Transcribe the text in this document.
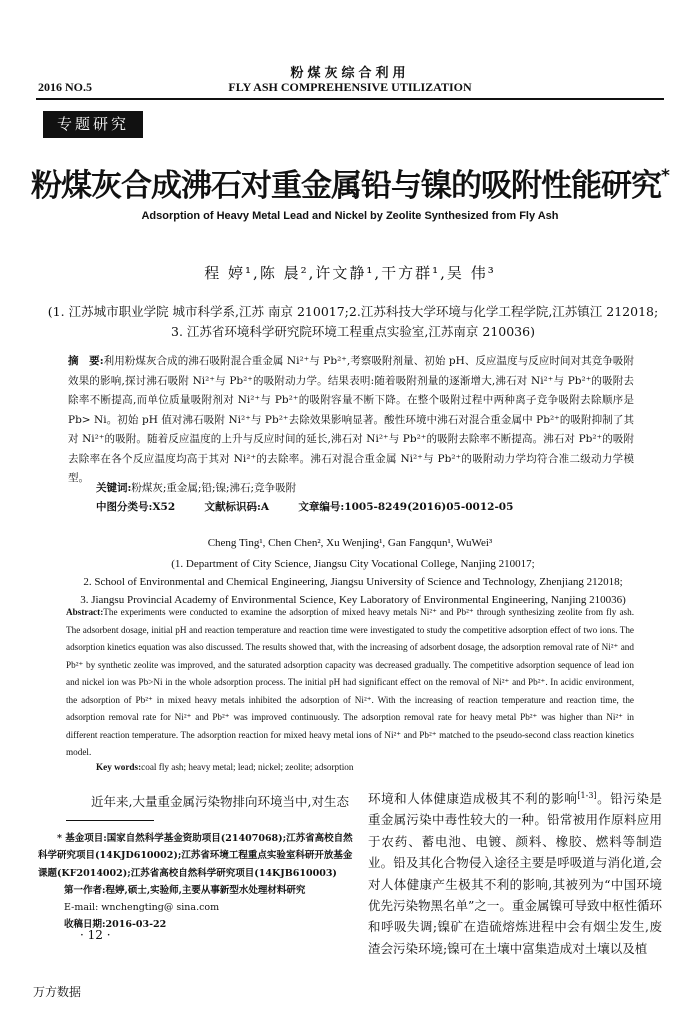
粉煤灰综合利用
2016 NO.5	FLY ASH COMPREHENSIVE UTILIZATION
专题研究
粉煤灰合成沸石对重金属铅与镍的吸附性能研究*
Adsorption of Heavy Metal Lead and Nickel by Zeolite Synthesized from Fly Ash
程 婷¹,陈 晨²,许文静¹,干方群¹,吴 伟³
(1. 江苏城市职业学院 城市科学系,江苏 南京 210017;2.江苏科技大学环境与化学工程学院,江苏镇江 212018;
3. 江苏省环境科学研究院环境工程重点实验室,江苏南京 210036)
摘　要:利用粉煤灰合成的沸石吸附混合重金属 Ni²⁺与 Pb²⁺,考察吸附剂量、初始 pH、反应温度与反应时间对其竞争吸附效果的影响,探讨沸石吸附 Ni²⁺与 Pb²⁺的吸附动力学。结果表明:随着吸附剂量的逐渐增大,沸石对 Ni²⁺与 Pb²⁺的吸附去除率不断提高,而单位质量吸附剂对 Ni²⁺与 Pb²⁺的吸附容量不断下降。在整个吸附过程中两种离子竞争吸附去除顺序是 Pb> Ni。初始 pH 值对沸石吸附 Ni²⁺与 Pb²⁺去除效果影响显著。酸性环境中沸石对混合重金属中 Pb²⁺的吸附抑制了其对 Ni²⁺的吸附。随着反应温度的上升与反应时间的延长,沸石对 Ni²⁺与 Pb²⁺的吸附去除率不断提高。沸石对 Pb²⁺的吸附去除率在各个反应温度均高于其对 Ni²⁺的去除率。沸石对混合重金属 Ni²⁺与 Pb²⁺的吸附动力学均符合准二级动力学模型。
关键词:粉煤灰;重金属;铅;镍;沸石;竞争吸附
中图分类号:X52	文献标识码:A	文章编号:1005-8249(2016)05-0012-05
Cheng Ting¹, Chen Chen², Xu Wenjing¹, Gan Fangqun¹, WuWei³
(1. Department of City Science, Jiangsu City Vocational College, Nanjing 210017;
2. School of Environmental and Chemical Engineering, Jiangsu University of Science and Technology, Zhenjiang 212018;
3. Jiangsu Provincial Academy of Environmental Science, Key Laboratory of Environmental Engineering, Nanjing 210036)
Abstract:The experiments were conducted to examine the adsorption of mixed heavy metals Ni²⁺ and Pb²⁺ through synthesizing zeolite from fly ash. The adsorbent dosage, initial pH and reaction temperature and reaction time were investigated to study the competitive adsorption effect of two ions. The adsorption kinetics equation was also discussed. The results showed that, with the increasing of adsorbent dosage, the adsorption removal rate of Ni²⁺ and Pb²⁺ by synthetic zeolite was improved, and the saturated adsorption capacity was decreased gradually. The competitive adsorption sequence of lead ion and nickel ion was Pb>Ni in the whole adsorption process. The initial pH had significant effect on the removal of Ni²⁺ and Pb²⁺. In acidic environment, the adsorption of Pb²⁺ in mixed heavy metals inhibited the adsorption of Ni²⁺. With the increasing of reaction temperature and reaction time, the adsorption removal rate for Ni²⁺ and Pb²⁺ was improved continuously. The adsorption removal rate for heavy metal Pb²⁺ was higher than Ni²⁺ in different reaction temperature. The adsorption reaction for mixed heavy metal ions of Ni²⁺ and Pb²⁺ matched to the pseudo-second class reaction kinetics model.
Key words:coal fly ash; heavy metal; lead; nickel; zeolite; adsorption
近年来,大量重金属污染物排向环境当中,对生态

* 基金项目:国家自然科学基金资助项目(21407068);江苏省高校自然科学研究项目(14KJD610002);江苏省环境工程重点实验室科研开放基金课题(KF2014002);江苏省高校自然科学研究项目(14KJB610003)

第一作者:程婷,硕士,实验师,主要从事新型水处理材料研究

E-mail: wnchengting@ sina.com

收稿日期:2016-03-22

· 12 ·
环境和人体健康造成极其不利的影响[1-3]。铅污染是重金属污染中毒性较大的一种。铅常被用作原料应用于农药、蓄电池、电镀、颜料、橡胶、燃料等制造业。铅及其化合物侵入途径主要是呼吸道与消化道,会对人体健康产生极其不利的影响,其被列为“中国环境优先污染物黑名单”之一。重金属镍可导致中枢性循环和呼吸失调;镍矿在造硫熔炼进程中会有烟尘发生,废渣会污染环境;镍可在土壤中富集造成对土壤以及植
万方数据
